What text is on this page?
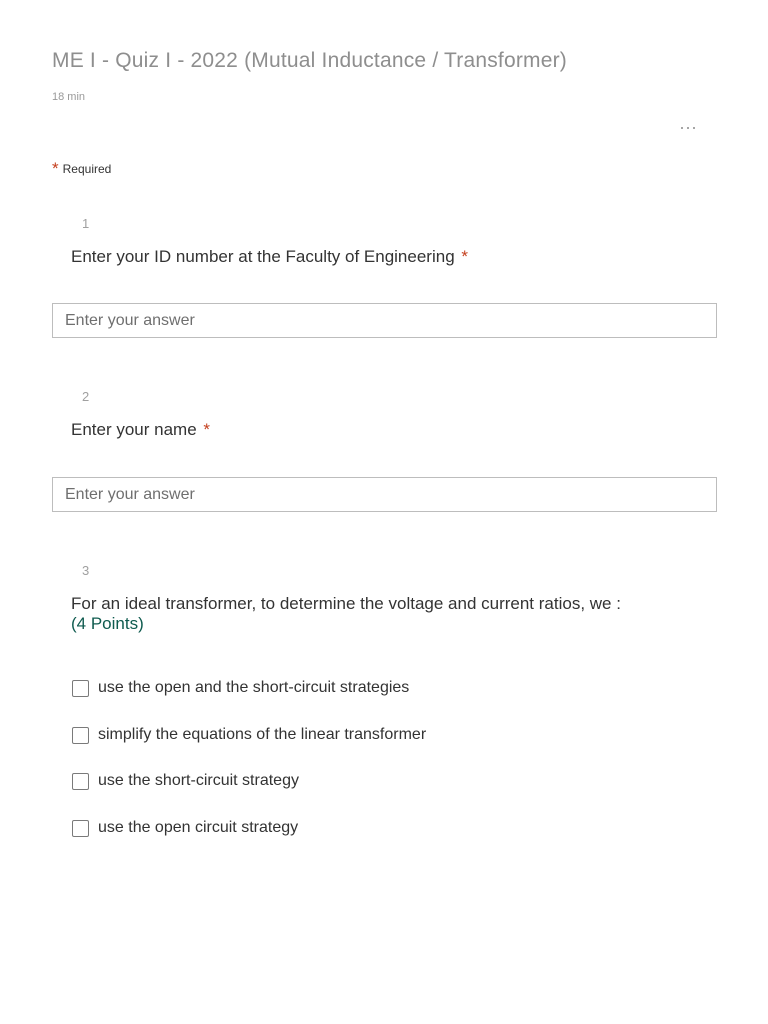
ME I - Quiz I - 2022 (Mutual Inductance / Transformer)
18 min
* Required
1
Enter your ID number at the Faculty of Engineering *
Enter your answer
2
Enter your name *
Enter your answer
3
For an ideal transformer, to determine the voltage and current ratios, we :
(4 Points)
use the open and the short-circuit strategies
simplify the equations of the linear transformer
use the short-circuit strategy
use the open circuit strategy
